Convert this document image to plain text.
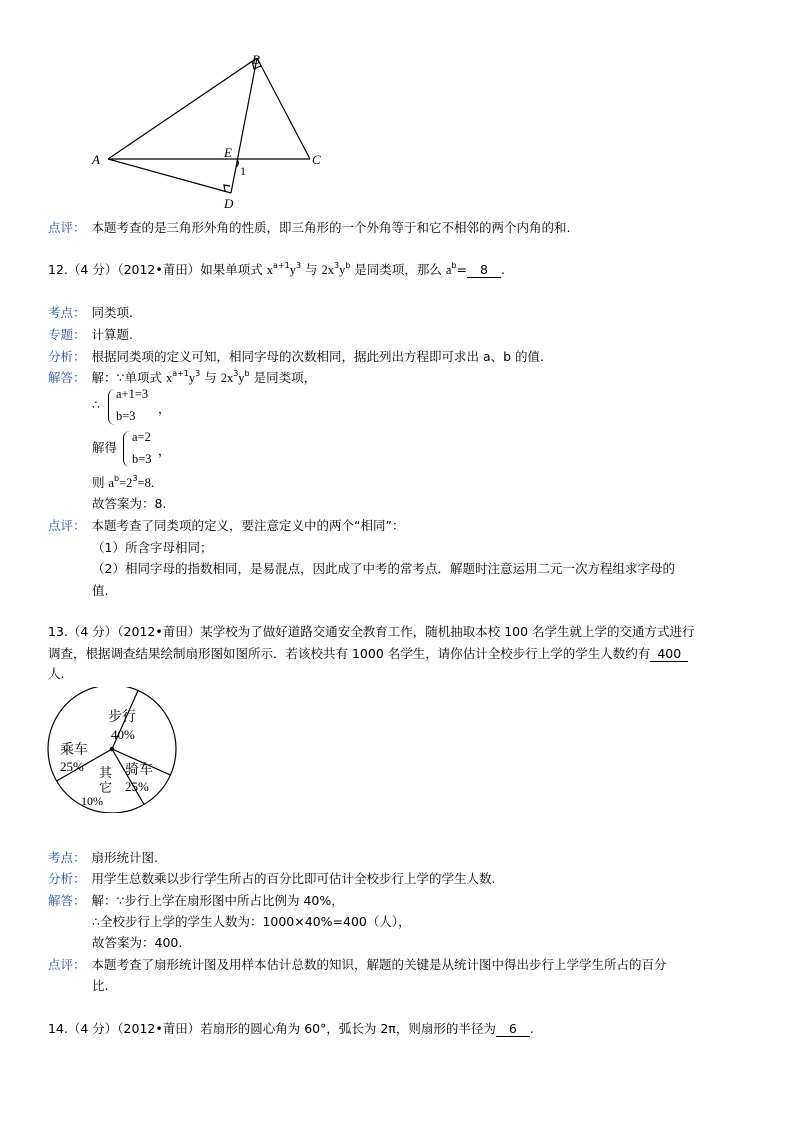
B
A	C
E
D
1
点评： 本题考查的是三角形外角的性质，即三角形的一个外角等于和它不相邻的两个内角的和.
12.（4 分）（2012•莆田）如果单项式 $x^{a+1}y^3$ 与 $2x^3y^b$ 是同类项，那么 $a^b= 8$ .
考点： 同类项.
专题： 计算题.
分析： 根据同类项的定义可知，相同字母的次数相同，据此列出方程即可求出 a、b 的值.
解答： 解：∵单项式 $x^{a+1}y^3$ 与 $2x^3y^b$ 是同类项，
∴
a+1=3
b=3 ，
解得
a=2
b=3
，
则 $a^b=2^3=8$.
故答案为：8.
点评： 本题考查了同类项的定义，要注意定义中的两个“相同”：
（1）所含字母相同；
（2）相同字母的指数相同，是易混点，因此成了中考的常考点．解题时注意运用二元一次方程组求字母的
值.
13.（4 分）（2012•莆田）某学校为了做好道路交通安全教育工作，随机抽取本校 100 名学生就上学的交通方式进行
调查，根据调查结果绘制扇形图如图所示．若该校共有 1000 名学生，请你估计全校步行上学的学生人数约有 400
人.
步行
40%
乘车
25%	骑车
25%
其
它
10%
考点： 扇形统计图.
分析： 用学生总数乘以步行学生所占的百分比即可估计全校步行上学的学生人数.
解答： 解：∵步行上学在扇形图中所占比例为 40%，
∴全校步行上学的学生人数为：1000×40%=400（人），
故答案为：400.
点评： 本题考查了扇形统计图及用样本估计总数的知识，解题的关键是从统计图中得出步行上学学生所占的百分
比.
14.（4 分）（2012•莆田）若扇形的圆心角为 60°，弧长为 2π，则扇形的半径为 6 .
